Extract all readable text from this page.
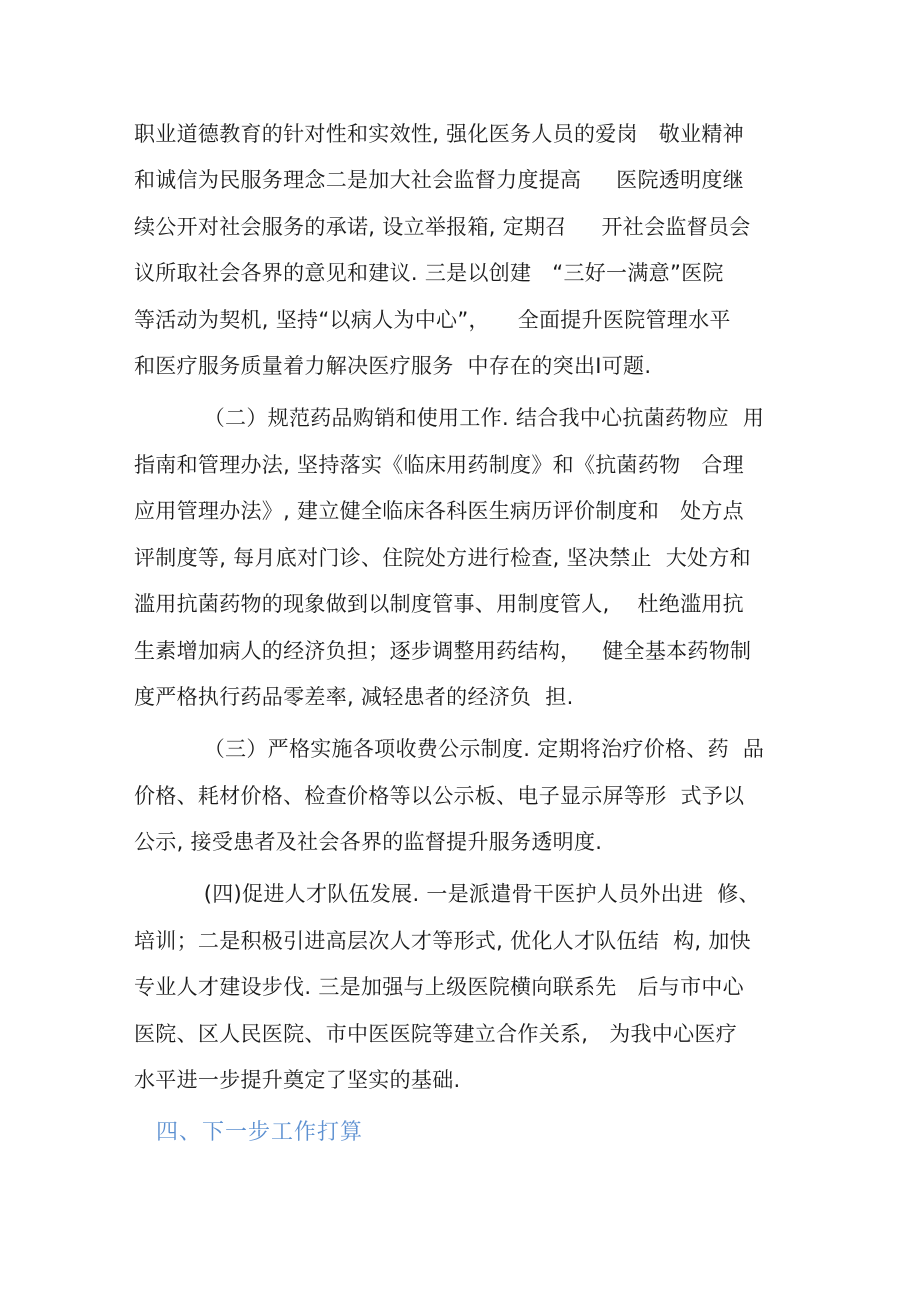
职业道德教育的针对性和实效性, 强化医务人员的爱岗   敬业精神
和诚信为民服务理念二是加大社会监督力度提高     医院透明度继
续公开对社会服务的承诺, 设立举报箱, 定期召     开社会监督员会
议所取社会各界的意见和建议. 三是以创建   “三好一满意”医院
等活动为契机, 坚持“以病人为中心”，    全面提升医院管理水平
和医疗服务质量着力解决医疗服务  中存在的突出I可题.
（二）规范药品购销和使用工作. 结合我中心抗菌药物应  用
指南和管理办法, 坚持落实《临床用药制度》和《抗菌药物   合理
应用管理办法》, 建立健全临床各科医生病历评价制度和   处方点
评制度等, 每月底对门诊、住院处方进行检查, 坚决禁止  大处方和
滥用抗菌药物的现象做到以制度管事、用制度管人,    杜绝滥用抗
生素增加病人的经济负担；逐步调整用药结构，   健全基本药物制
度严格执行药品零差率, 减轻患者的经济负  担.
（三）严格实施各项收费公示制度. 定期将治疗价格、药  品
价格、耗材价格、检查价格等以公示板、电子显示屏等形  式予以
公示, 接受患者及社会各界的监督提升服务透明度.
(四)促进人才队伍发展. 一是派遣骨干医护人员外出进  修、
培训；二是积极引进高层次人才等形式, 优化人才队伍结  构, 加快
专业人才建设步伐. 三是加强与上级医院横向联系先   后与市中心
医院、区人民医院、市中医医院等建立合作关系,   为我中心医疗
水平进一步提升奠定了坚实的基础.
四、下一步工作打算
